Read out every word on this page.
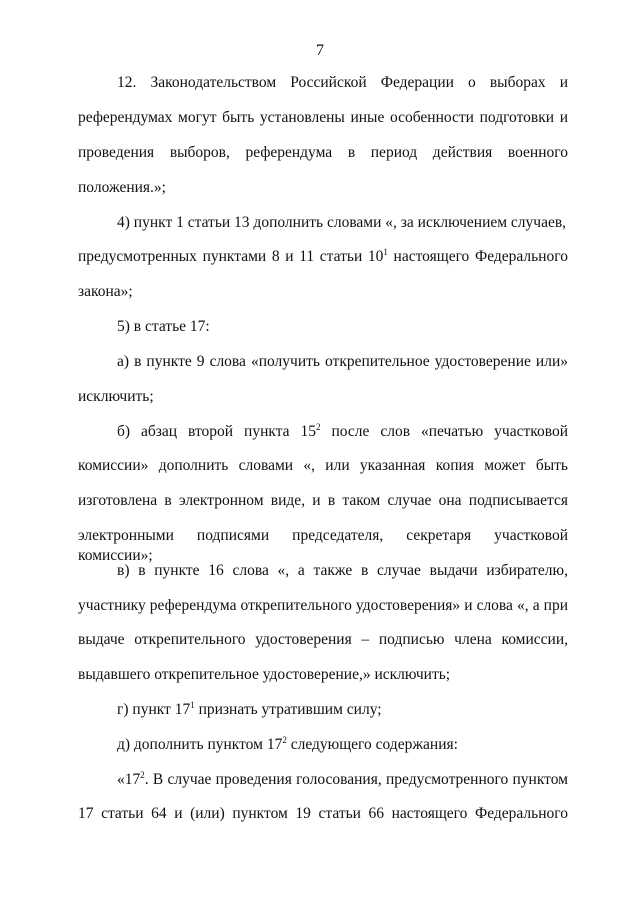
7
12. Законодательством Российской Федерации о выборах и
референдумах могут быть установлены иные особенности подготовки и
проведения выборов, референдума в период действия военного
положения.»;
4) пункт 1 статьи 13 дополнить словами «, за исключением случаев,
предусмотренных пунктами 8 и 11 статьи $10^1$ настоящего Федерального
закона»;
5) в статье 17:
а) в пункте 9 слова «получить открепительное удостоверение или»
исключить;
б) абзац второй пункта $15^2$ после слов «печатью участковой
комиссии» дополнить словами «, или указанная копия может быть
изготовлена в электронном виде, и в таком случае она подписывается
электронными подписями председателя, секретаря участковой комиссии»;
в) в пункте 16 слова «, а также в случае выдачи избирателю,
участнику референдума открепительного удостоверения» и слова «, а при
выдаче открепительного удостоверения – подписью члена комиссии,
выдавшего открепительное удостоверение,» исключить;
г) пункт $17^1$ признать утратившим силу;
д) дополнить пунктом $17^2$ следующего содержания:
«$17^2$. В случае проведения голосования, предусмотренного пунктом
17 статьи 64 и (или) пунктом 19 статьи 66 настоящего Федерального
